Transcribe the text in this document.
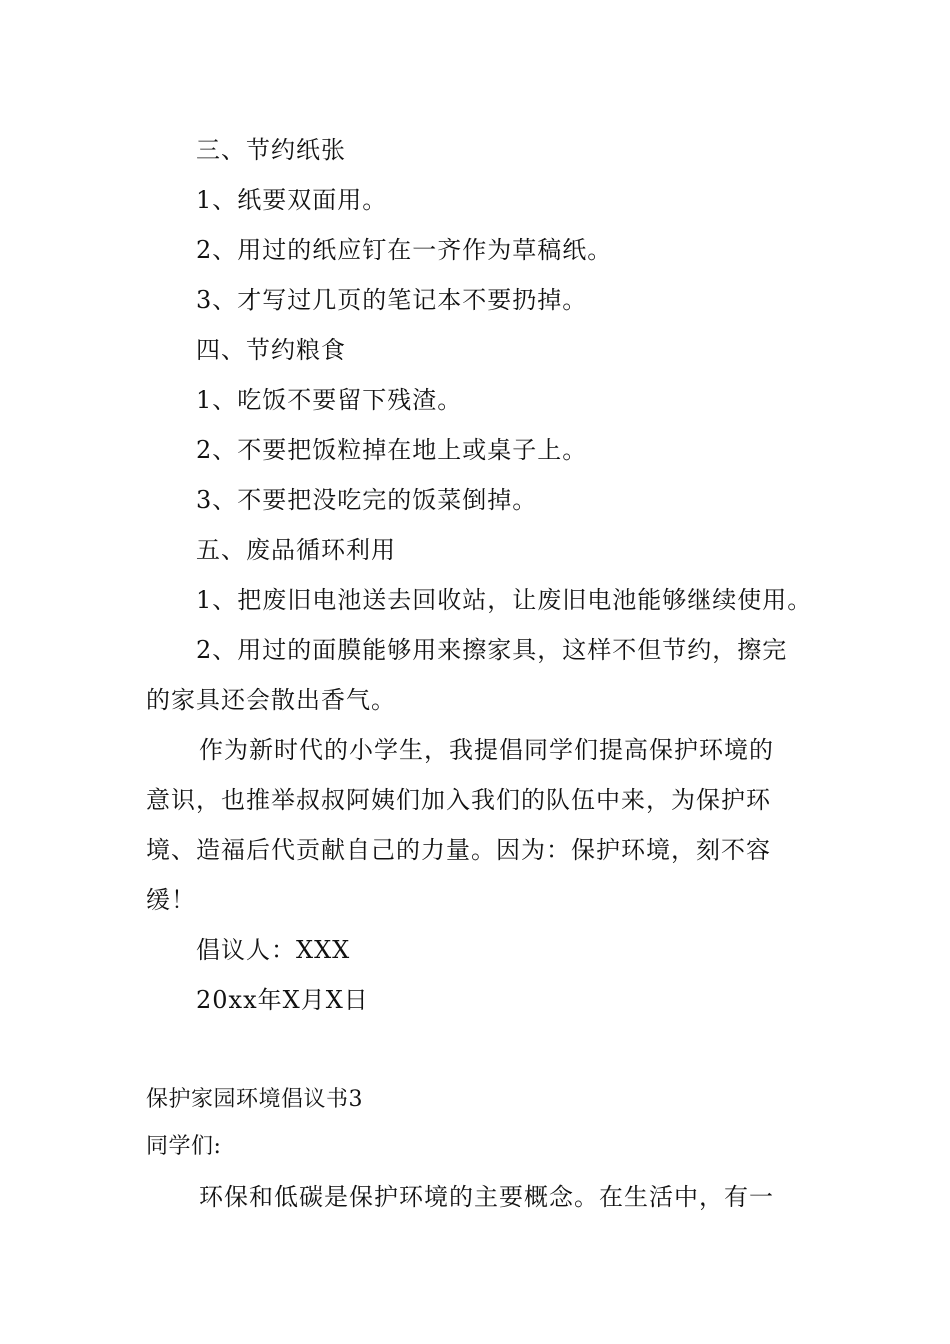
三、节约纸张
1、纸要双面用。
2、用过的纸应钉在一齐作为草稿纸。
3、才写过几页的笔记本不要扔掉。
四、节约粮食
1、吃饭不要留下残渣。
2、不要把饭粒掉在地上或桌子上。
3、不要把没吃完的饭菜倒掉。
五、废品循环利用
1、把废旧电池送去回收站，让废旧电池能够继续使用。
2、用过的面膜能够用来擦家具，这样不但节约，擦完
的家具还会散出香气。
作为新时代的小学生，我提倡同学们提高保护环境的
意识，也推举叔叔阿姨们加入我们的队伍中来，为保护环
境、造福后代贡献自己的力量。因为：保护环境，刻不容
缓！
倡议人：XXX
20xx年X月X日
保护家园环境倡议书3
同学们:
环保和低碳是保护环境的主要概念。在生活中，有一
